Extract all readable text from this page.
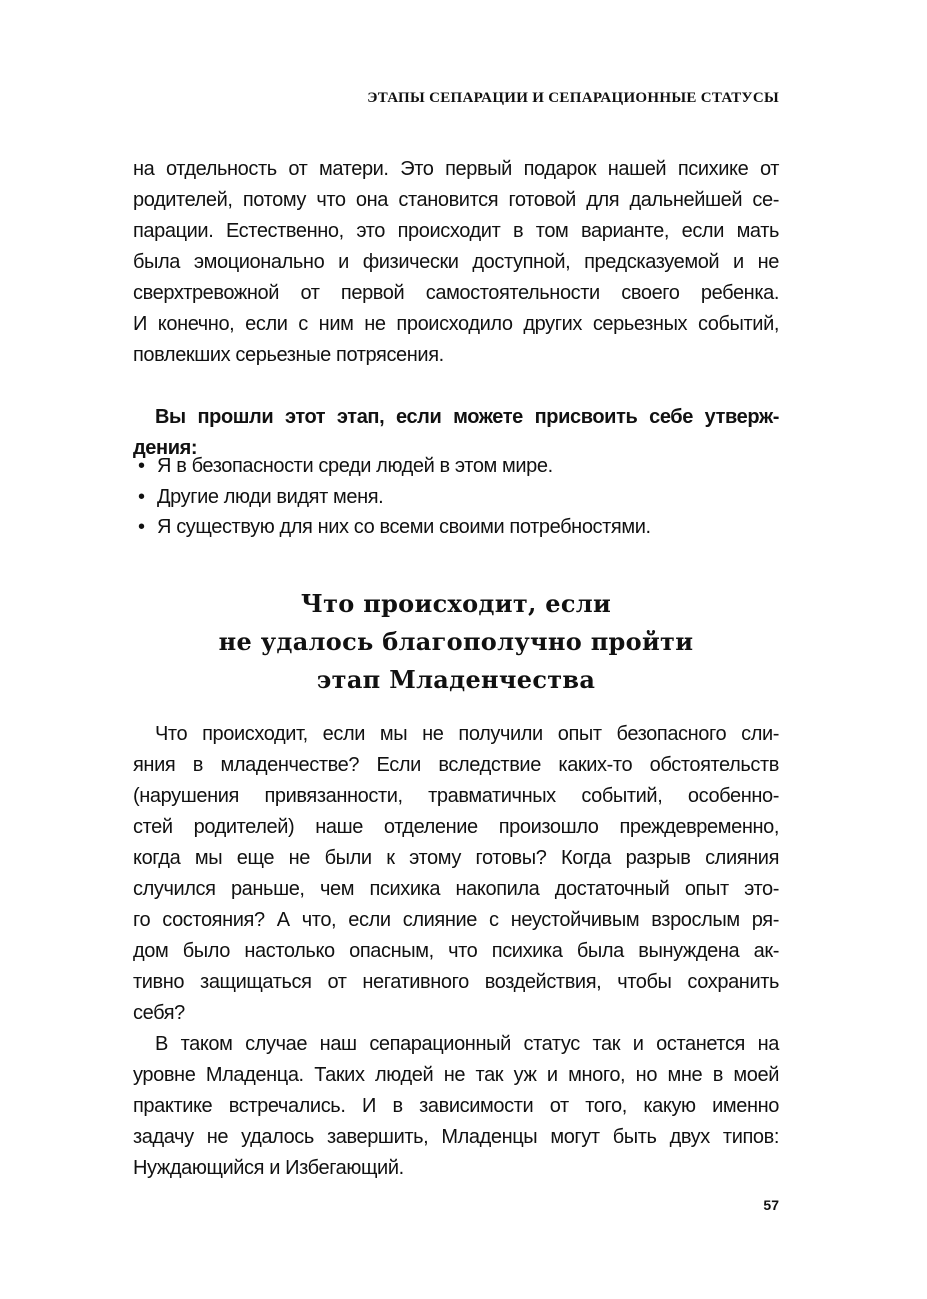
ЭТАПЫ СЕПАРАЦИИ И СЕПАРАЦИОННЫЕ СТАТУСЫ
на отдельность от матери. Это первый подарок нашей психике от
родителей, потому что она становится готовой для дальнейшей се-
парации. Естественно, это происходит в том варианте, если мать
была эмоционально и физически доступной, предсказуемой и не
сверхтревожной от первой самостоятельности своего ребенка.
И конечно, если с ним не происходило других серьезных событий,
повлекших серьезные потрясения.
Вы прошли этот этап, если можете присвоить себе утверж-
дения:
• Я в безопасности среди людей в этом мире.
• Другие люди видят меня.
• Я существую для них со всеми своими потребностями.
Что происходит, если
не удалось благополучно пройти
этап Младенчества
Что происходит, если мы не получили опыт безопасного сли-
яния в младенчестве? Если вследствие каких-то обстоятельств
(нарушения привязанности, травматичных событий, особенно-
стей родителей) наше отделение произошло преждевременно,
когда мы еще не были к этому готовы? Когда разрыв слияния
случился раньше, чем психика накопила достаточный опыт это-
го состояния? А что, если слияние с неустойчивым взрослым ря-
дом было настолько опасным, что психика была вынуждена ак-
тивно защищаться от негативного воздействия, чтобы сохранить
себя?
В таком случае наш сепарационный статус так и останется на
уровне Младенца. Таких людей не так уж и много, но мне в моей
практике встречались. И в зависимости от того, какую именно
задачу не удалось завершить, Младенцы могут быть двух типов:
Нуждающийся и Избегающий.
57
